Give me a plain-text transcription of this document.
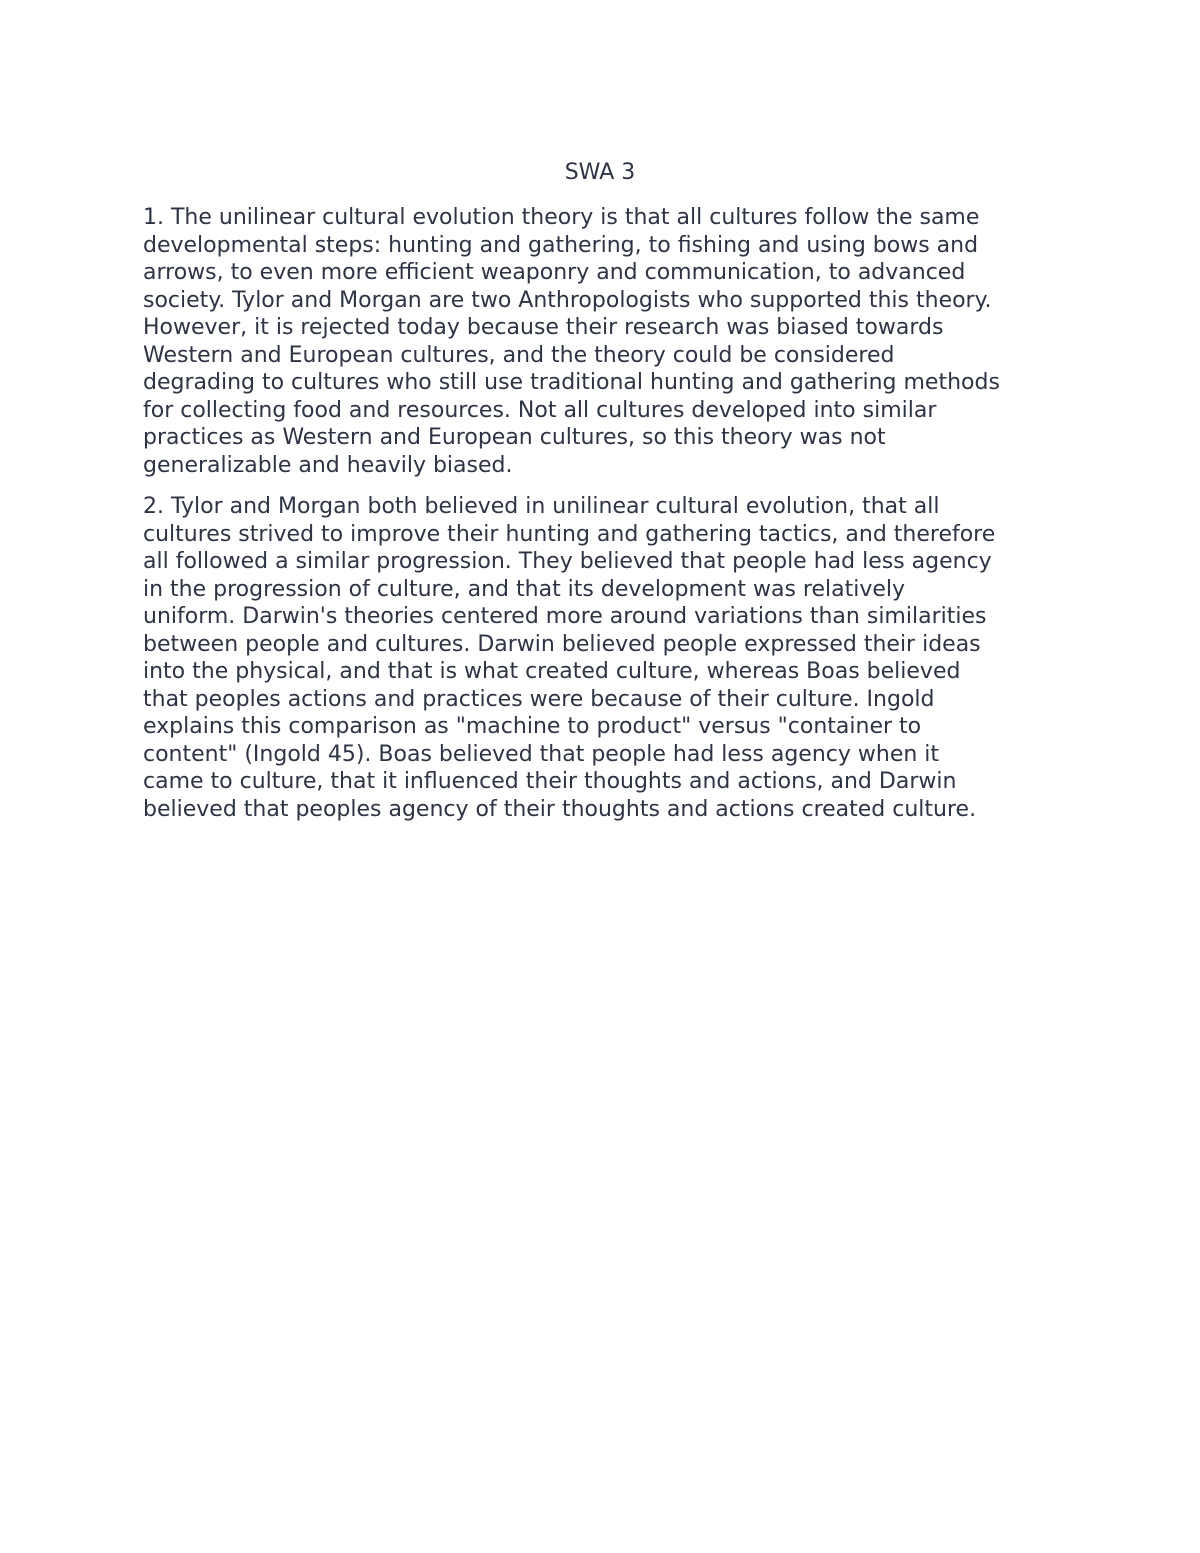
SWA 3

1. The unilinear cultural evolution theory is that all cultures follow the same
developmental steps: hunting and gathering, to fishing and using bows and
arrows, to even more efficient weaponry and communication, to advanced
society. Tylor and Morgan are two Anthropologists who supported this theory.
However, it is rejected today because their research was biased towards
Western and European cultures, and the theory could be considered
degrading to cultures who still use traditional hunting and gathering methods
for collecting food and resources. Not all cultures developed into similar
practices as Western and European cultures, so this theory was not
generalizable and heavily biased.

2. Tylor and Morgan both believed in unilinear cultural evolution, that all
cultures strived to improve their hunting and gathering tactics, and therefore
all followed a similar progression. They believed that people had less agency
in the progression of culture, and that its development was relatively
uniform. Darwin's theories centered more around variations than similarities
between people and cultures. Darwin believed people expressed their ideas
into the physical, and that is what created culture, whereas Boas believed
that peoples actions and practices were because of their culture. Ingold
explains this comparison as "machine to product" versus "container to
content" (Ingold 45). Boas believed that people had less agency when it
came to culture, that it influenced their thoughts and actions, and Darwin
believed that peoples agency of their thoughts and actions created culture.
